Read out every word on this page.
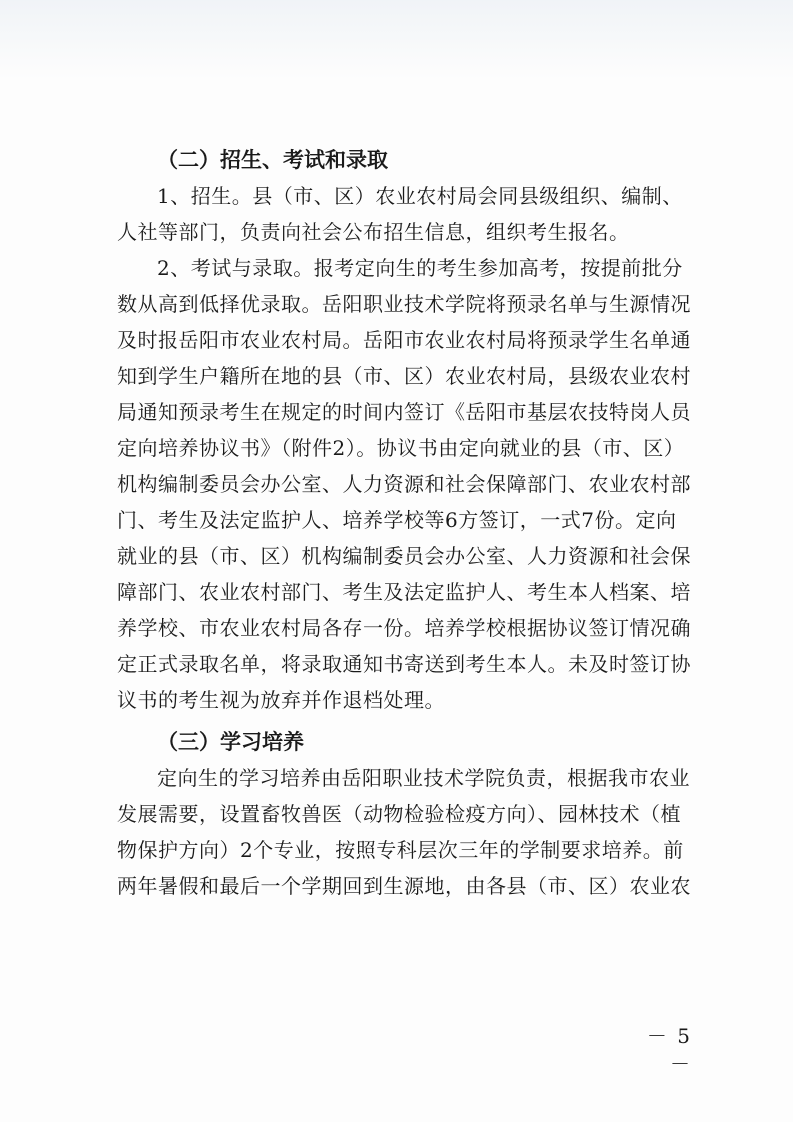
（二）招生、考试和录取
1、招生。县（市、区）农业农村局会同县级组织、编制、
人社等部门，负责向社会公布招生信息，组织考生报名。
2、考试与录取。报考定向生的考生参加高考，按提前批分
数从高到低择优录取。岳阳职业技术学院将预录名单与生源情况
及时报岳阳市农业农村局。岳阳市农业农村局将预录学生名单通
知到学生户籍所在地的县（市、区）农业农村局，县级农业农村
局通知预录考生在规定的时间内签订《岳阳市基层农技特岗人员
定向培养协议书》（附件2）。协议书由定向就业的县（市、区）
机构编制委员会办公室、人力资源和社会保障部门、农业农村部
门、考生及法定监护人、培养学校等6方签订，一式7份。定向
就业的县（市、区）机构编制委员会办公室、人力资源和社会保
障部门、农业农村部门、考生及法定监护人、考生本人档案、培
养学校、市农业农村局各存一份。培养学校根据协议签订情况确
定正式录取名单，将录取通知书寄送到考生本人。未及时签订协
议书的考生视为放弃并作退档处理。
（三）学习培养
定向生的学习培养由岳阳职业技术学院负责，根据我市农业
发展需要，设置畜牧兽医（动物检验检疫方向）、园林技术（植
物保护方向）2个专业，按照专科层次三年的学制要求培养。前
两年暑假和最后一个学期回到生源地，由各县（市、区）农业农
－ 5 －
